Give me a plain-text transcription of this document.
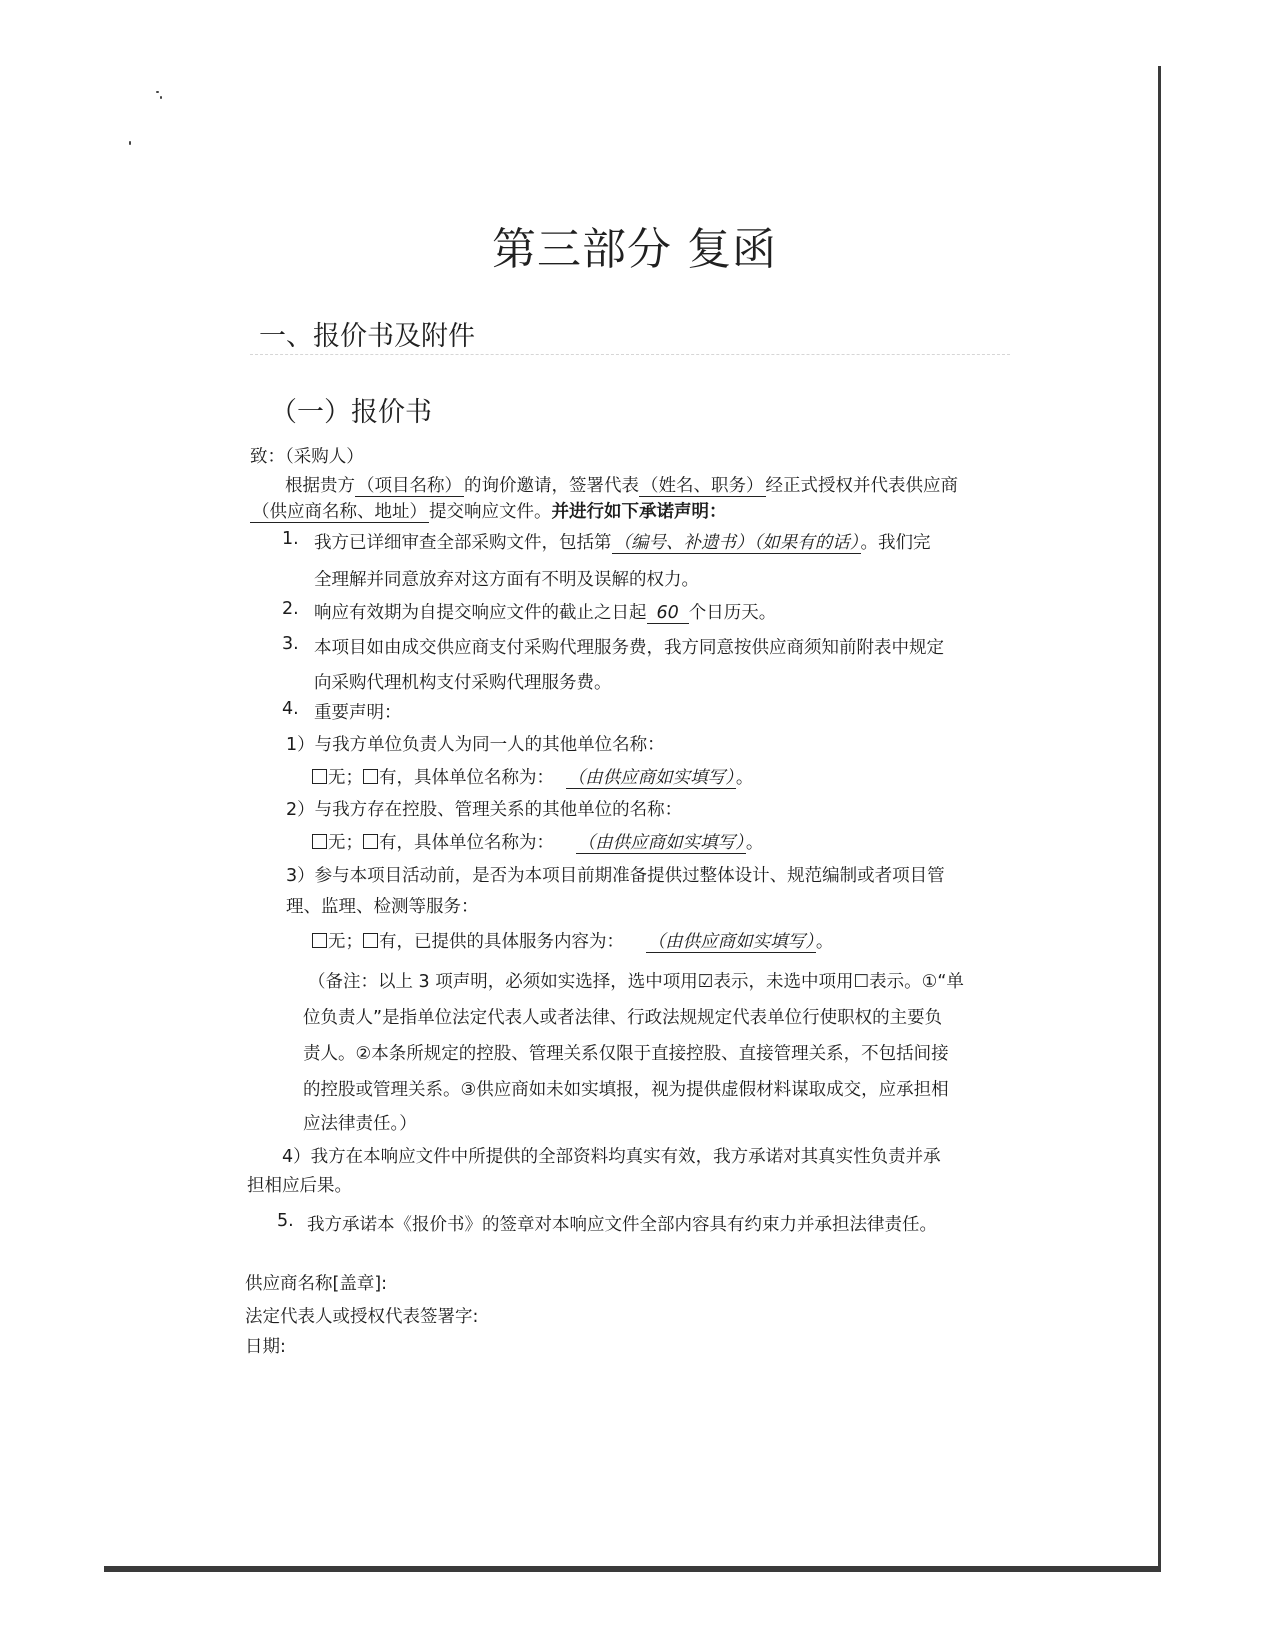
第三部分 复函
一、报价书及附件
（一）报价书
致：（采购人）
根据贵方 （项目名称） 的询价邀请，签署代表 （姓名、职务） 经正式授权并代表供应商
（供应商名称、地址） 提交响应文件。并进行如下承诺声明：
1. 我方已详细审查全部采购文件，包括第 （编号、补遗书）（如果有的话） 。我们完
全理解并同意放弃对这方面有不明及误解的权力。
2. 响应有效期为自提交响应文件的截止之日起 60 个日历天。
3. 本项目如由成交供应商支付采购代理服务费，我方同意按供应商须知前附表中规定
向采购代理机构支付采购代理服务费。
4. 重要声明：
1）与我方单位负责人为同一人的其他单位名称：
无； 有，具体单位名称为： （由供应商如实填写） 。
2）与我方存在控股、管理关系的其他单位的名称：
无； 有，具体单位名称为： （由供应商如实填写） 。
3）参与本项目活动前，是否为本项目前期准备提供过整体设计、规范编制或者项目管
理、监理、检测等服务：
无； 有，已提供的具体服务内容为： （由供应商如实填写） 。
（备注：以上 3 项声明，必须如实选择，选中项用☑表示，未选中项用☐表示。①“单
位负责人”是指单位法定代表人或者法律、行政法规规定代表单位行使职权的主要负
责人。②本条所规定的控股、管理关系仅限于直接控股、直接管理关系，不包括间接
的控股或管理关系。③供应商如未如实填报，视为提供虚假材料谋取成交，应承担相
应法律责任。）
4）我方在本响应文件中所提供的全部资料均真实有效，我方承诺对其真实性负责并承
担相应后果。
5. 我方承诺本《报价书》的签章对本响应文件全部内容具有约束力并承担法律责任。
供应商名称[盖章]:
法定代表人或授权代表签署字:
日期:
